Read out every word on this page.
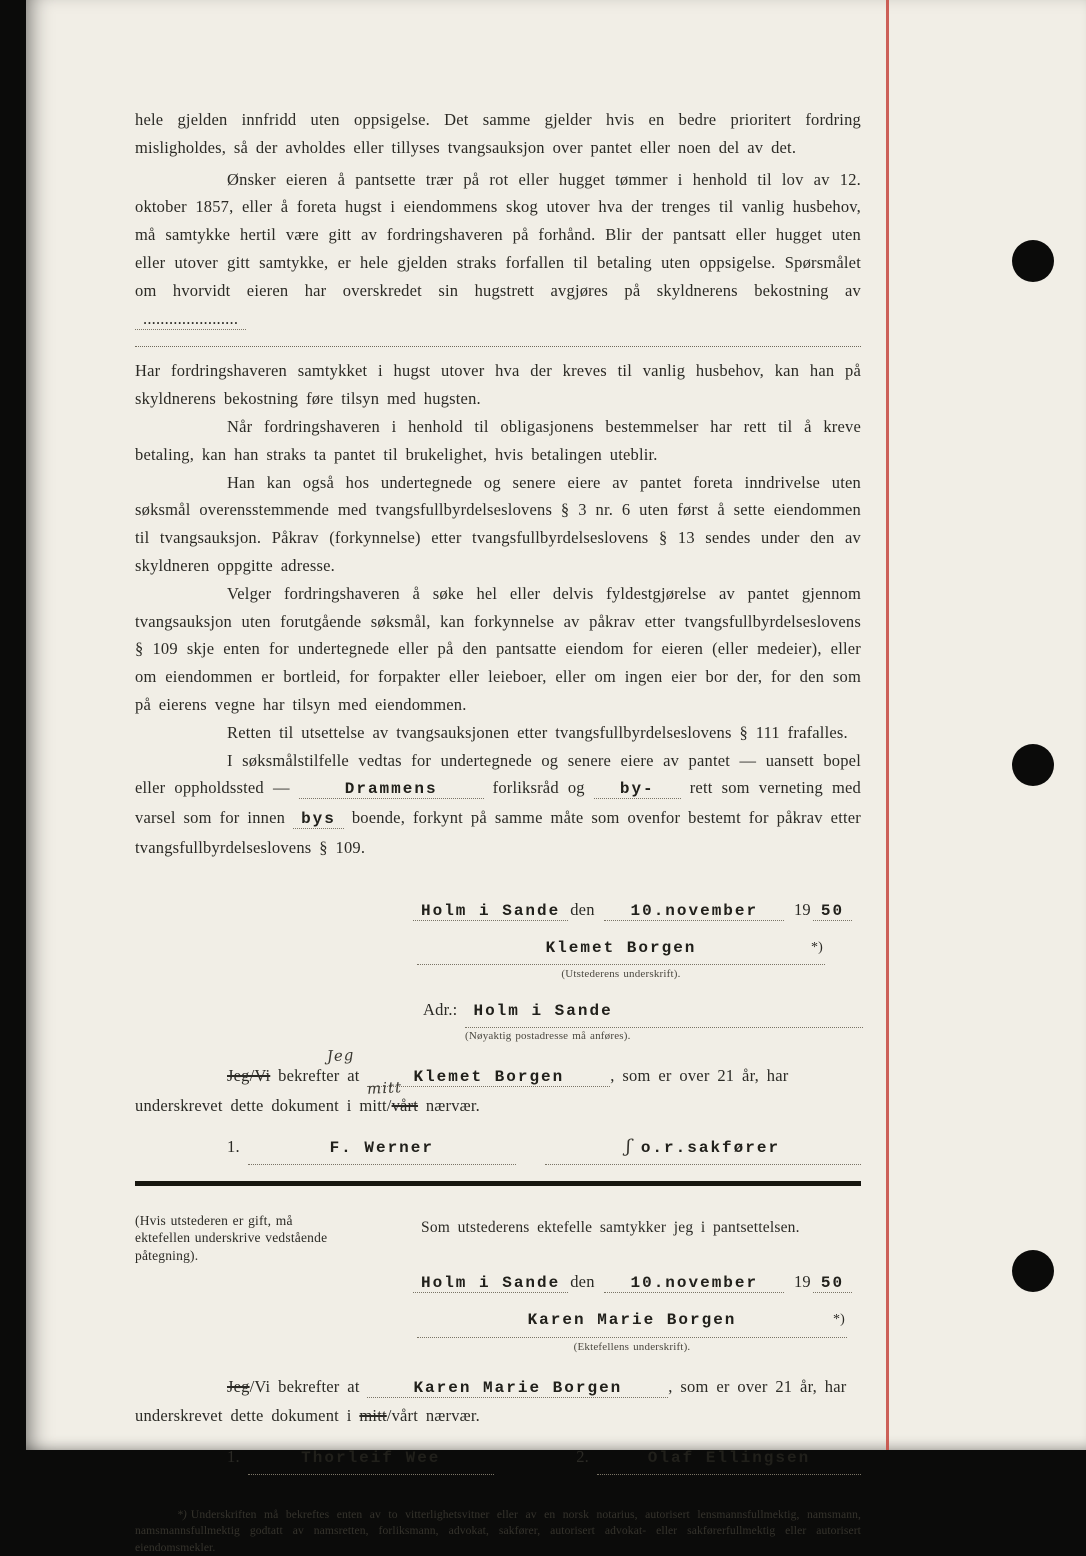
hele gjelden innfridd uten oppsigelse. Det samme gjelder hvis en bedre prioritert fordring misligholdes, så der avholdes eller tillyses tvangsauksjon over pantet eller noen del av det.

Ønsker eieren å pantsette trær på rot eller hugget tømmer i henhold til lov av 12. oktober 1857, eller å foreta hugst i eiendommens skog utover hva der trenges til vanlig husbehov, må samtykke hertil være gitt av fordringshaveren på forhånd. Blir der pantsatt eller hugget uten eller utover gitt samtykke, er hele gjelden straks forfallen til betaling uten oppsigelse. Spørsmålet om hvorvidt eieren har overskredet sin hugstrett avgjøres på skyldnerens bekostning av ......................

Har fordringshaveren samtykket i hugst utover hva der kreves til vanlig husbehov, kan han på skyldnerens bekostning føre tilsyn med hugsten.

Når fordringshaveren i henhold til obligasjonens bestemmelser har rett til å kreve betaling, kan han straks ta pantet til brukelighet, hvis betalingen uteblir.

Han kan også hos undertegnede og senere eiere av pantet foreta inndrivelse uten søksmål overensstemmende med tvangsfullbyrdelseslovens § 3 nr. 6 uten først å sette eiendommen til tvangsauksjon. Påkrav (forkynnelse) etter tvangsfullbyrdelseslovens § 13 sendes under den av skyldneren oppgitte adresse.

Velger fordringshaveren å søke hel eller delvis fyldestgjørelse av pantet gjennom tvangsauksjon uten forutgående søksmål, kan forkynnelse av påkrav etter tvangsfullbyrdelseslovens § 109 skje enten for undertegnede eller på den pantsatte eiendom for eieren (eller medeier), eller om eiendommen er bortleid, for forpakter eller leieboer, eller om ingen eier bor der, for den som på eierens vegne har tilsyn med eiendommen.

Retten til utsettelse av tvangsauksjonen etter tvangsfullbyrdelseslovens § 111 frafalles.

I søksmålstilfelle vedtas for undertegnede og senere eiere av pantet — uansett bopel eller oppholdssted —	Drammens	forliksråd og by- rett som verneting med varsel som for innen bys boende, forkynt på samme måte som ovenfor bestemt for påkrav etter tvangsfullbyrdelseslovens § 109.

Holm i Sande den 10.november 19 50
Klemet Borgen	*)
(Utstederens underskrift).
Adr.:	Holm i Sande
(Nøyaktig postadresse må anføres).

Jeg
Jeg/Vi bekrefter at	Klemet Borgen	, som er over 21 år, har

underskrevet dette dokument i
mitt
mitt/vårt nærvær.

1.	F. Werner	ʃ o.r.sakfører
(Hvis utstederen er gift, må ektefellen underskrive vedstående påtegning).
Som utstederens ektefelle samtykker jeg i pantsettelsen.
Holm i Sande den 10.november 19 50
Karen Marie Borgen	*)
(Ektefellens underskrift).

Jeg/Vi bekrefter at	Karen Marie Borgen	, som er over 21 år, har

underskrevet dette dokument i mitt/vårt nærvær.

1.	Thorleif Wee	2.	Olaf Ellingsen
*) Underskriften må bekreftes enten av to vitterlighetsvitner eller av en norsk notarius, autorisert lensmannsfullmektig, namsmann, namsmannsfullmektig godtatt av namsretten, forliksmann, advokat, sakfører, autorisert advokat- eller sakførerfullmektig eller autorisert eiendomsmekler.
